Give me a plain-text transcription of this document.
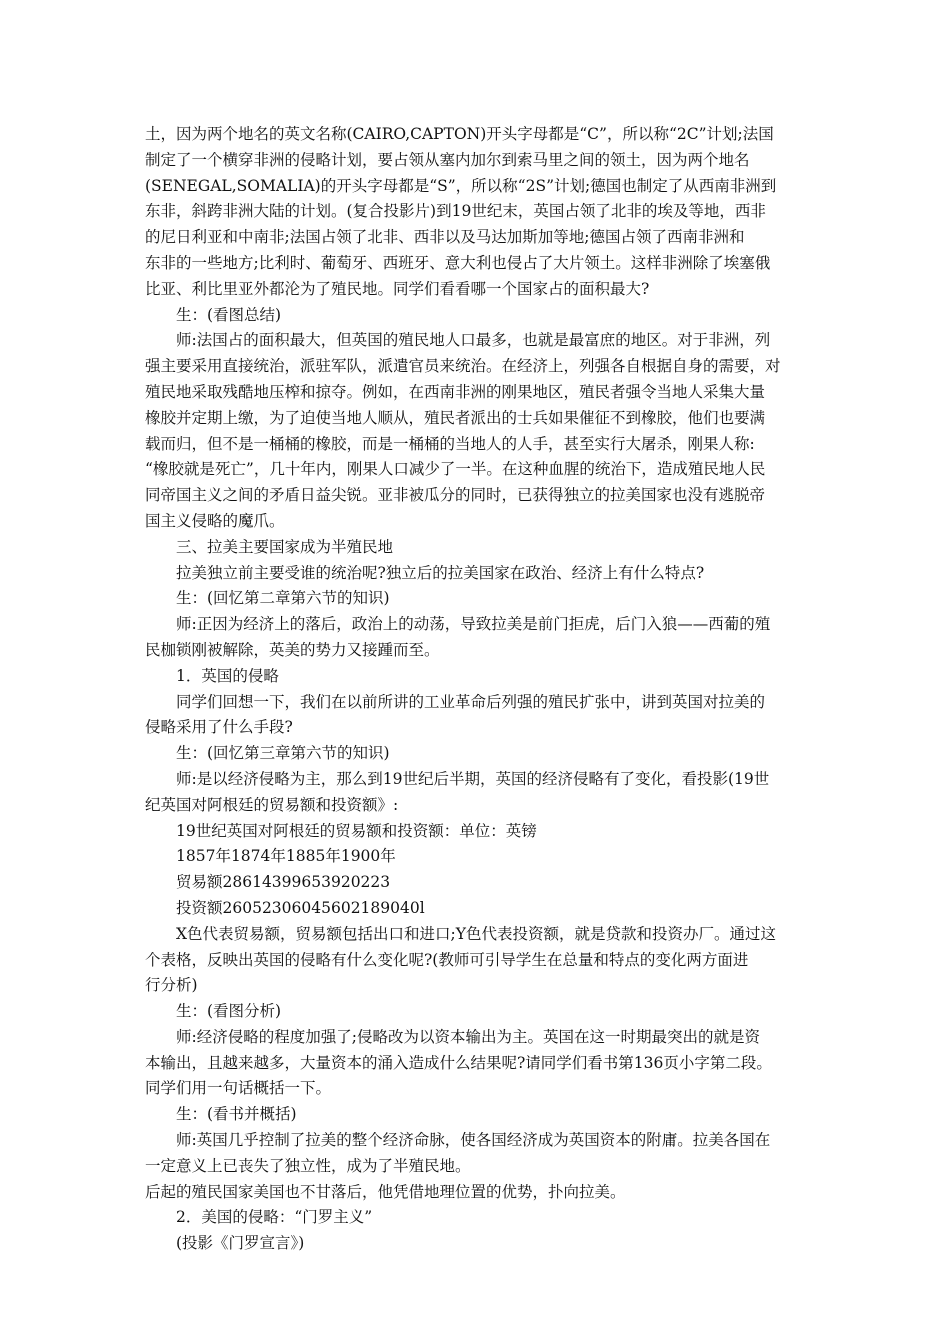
土，因为两个地名的英文名称(CAIRO,CAPTON)开头字母都是“C”，所以称“2C”计划;法国
制定了一个横穿非洲的侵略计划，要占领从塞内加尔到索马里之间的领土，因为两个地名
(SENEGAL,SOMALIA)的开头字母都是“S”，所以称“2S”计划;德国也制定了从西南非洲到
东非，斜跨非洲大陆的计划。(复合投影片)到19世纪末，英国占领了北非的埃及等地，西非
的尼日利亚和中南非;法国占领了北非、西非以及马达加斯加等地;德国占领了西南非洲和
东非的一些地方;比利时、葡萄牙、西班牙、意大利也侵占了大片领土。这样非洲除了埃塞俄
比亚、利比里亚外都沦为了殖民地。同学们看看哪一个国家占的面积最大?
生：(看图总结)
师:法国占的面积最大，但英国的殖民地人口最多，也就是最富庶的地区。对于非洲，列
强主要采用直接统治，派驻军队，派遣官员来统治。在经济上，列强各自根据自身的需要，对
殖民地采取残酷地压榨和掠夺。例如，在西南非洲的刚果地区，殖民者强令当地人采集大量
橡胶并定期上缴，为了迫使当地人顺从，殖民者派出的士兵如果催征不到橡胶，他们也要满
载而归，但不是一桶桶的橡胶，而是一桶桶的当地人的人手，甚至实行大屠杀，刚果人称:
“橡胶就是死亡”，几十年内，刚果人口减少了一半。在这种血腥的统治下，造成殖民地人民
同帝国主义之间的矛盾日益尖锐。亚非被瓜分的同时，已获得独立的拉美国家也没有逃脱帝
国主义侵略的魔爪。
三、拉美主要国家成为半殖民地
拉美独立前主要受谁的统治呢?独立后的拉美国家在政治、经济上有什么特点?
生：(回忆第二章第六节的知识)
师:正因为经济上的落后，政治上的动荡，导致拉美是前门拒虎，后门入狼——西葡的殖
民枷锁刚被解除，英美的势力又接踵而至。
1．英国的侵略
同学们回想一下，我们在以前所讲的工业革命后列强的殖民扩张中，讲到英国对拉美的
侵略采用了什么手段?
生：(回忆第三章第六节的知识)
师:是以经济侵略为主，那么到19世纪后半期，英国的经济侵略有了变化，看投影(19世
纪英国对阿根廷的贸易额和投资额》:
19世纪英国对阿根廷的贸易额和投资额：单位：英镑
1857年1874年1885年1900年
贸易额28614399653920223
投资额26052306045602189040l
X色代表贸易额，贸易额包括出口和进口;Y色代表投资额，就是贷款和投资办厂。通过这
个表格，反映出英国的侵略有什么变化呢?(教师可引导学生在总量和特点的变化两方面进
行分析)
生：(看图分析)
师:经济侵略的程度加强了;侵略改为以资本输出为主。英国在这一时期最突出的就是资
本输出，且越来越多，大量资本的涌入造成什么结果呢?请同学们看书第136页小字第二段。
同学们用一句话概括一下。
生：(看书并概括)
师:英国几乎控制了拉美的整个经济命脉，使各国经济成为英国资本的附庸。拉美各国在
一定意义上已丧失了独立性，成为了半殖民地。
后起的殖民国家美国也不甘落后，他凭借地理位置的优势，扑向拉美。
2．美国的侵略：“门罗主义”
(投影《门罗宣言》)
